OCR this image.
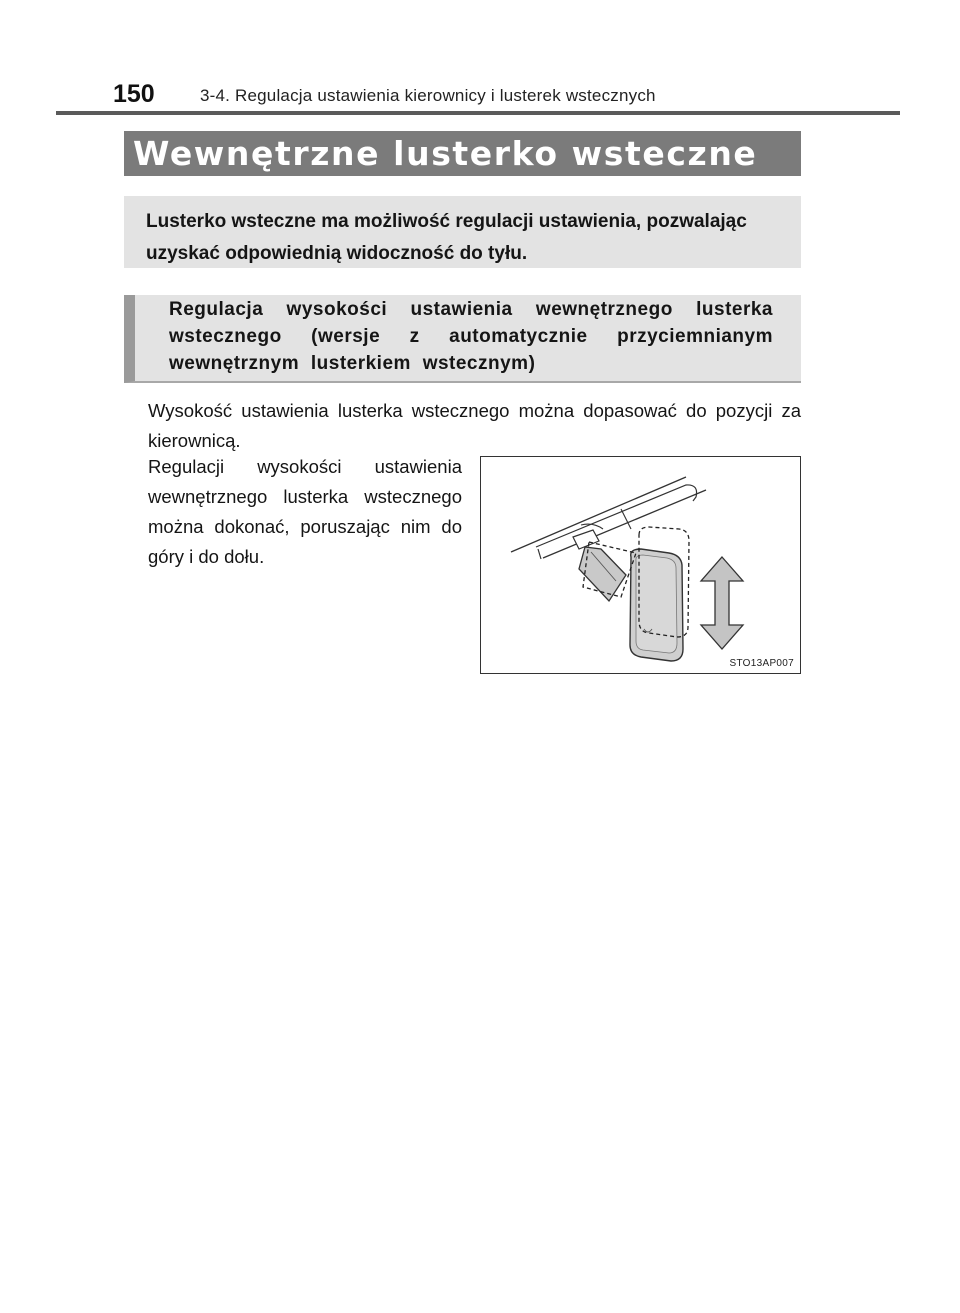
150	3-4. Regulacja ustawienia kierownicy i lusterek wstecznych
Wewnętrzne lusterko wsteczne

Lusterko wsteczne ma możliwość regulacji ustawienia, pozwalając uzyskać odpowiednią widoczność do tyłu.

Regulacja wysokości ustawienia wewnętrznego lusterka wstecznego (wersje z automatycznie przyciemnianym wewnętrznym lusterkiem wstecznym)

Wysokość ustawienia lusterka wstecznego można dopasować do pozycji za kierownicą.

Regulacji wysokości ustawienia wewnętrznego lusterka wstecznego można dokonać, poruszając nim do góry i do dołu.

STO13AP007
